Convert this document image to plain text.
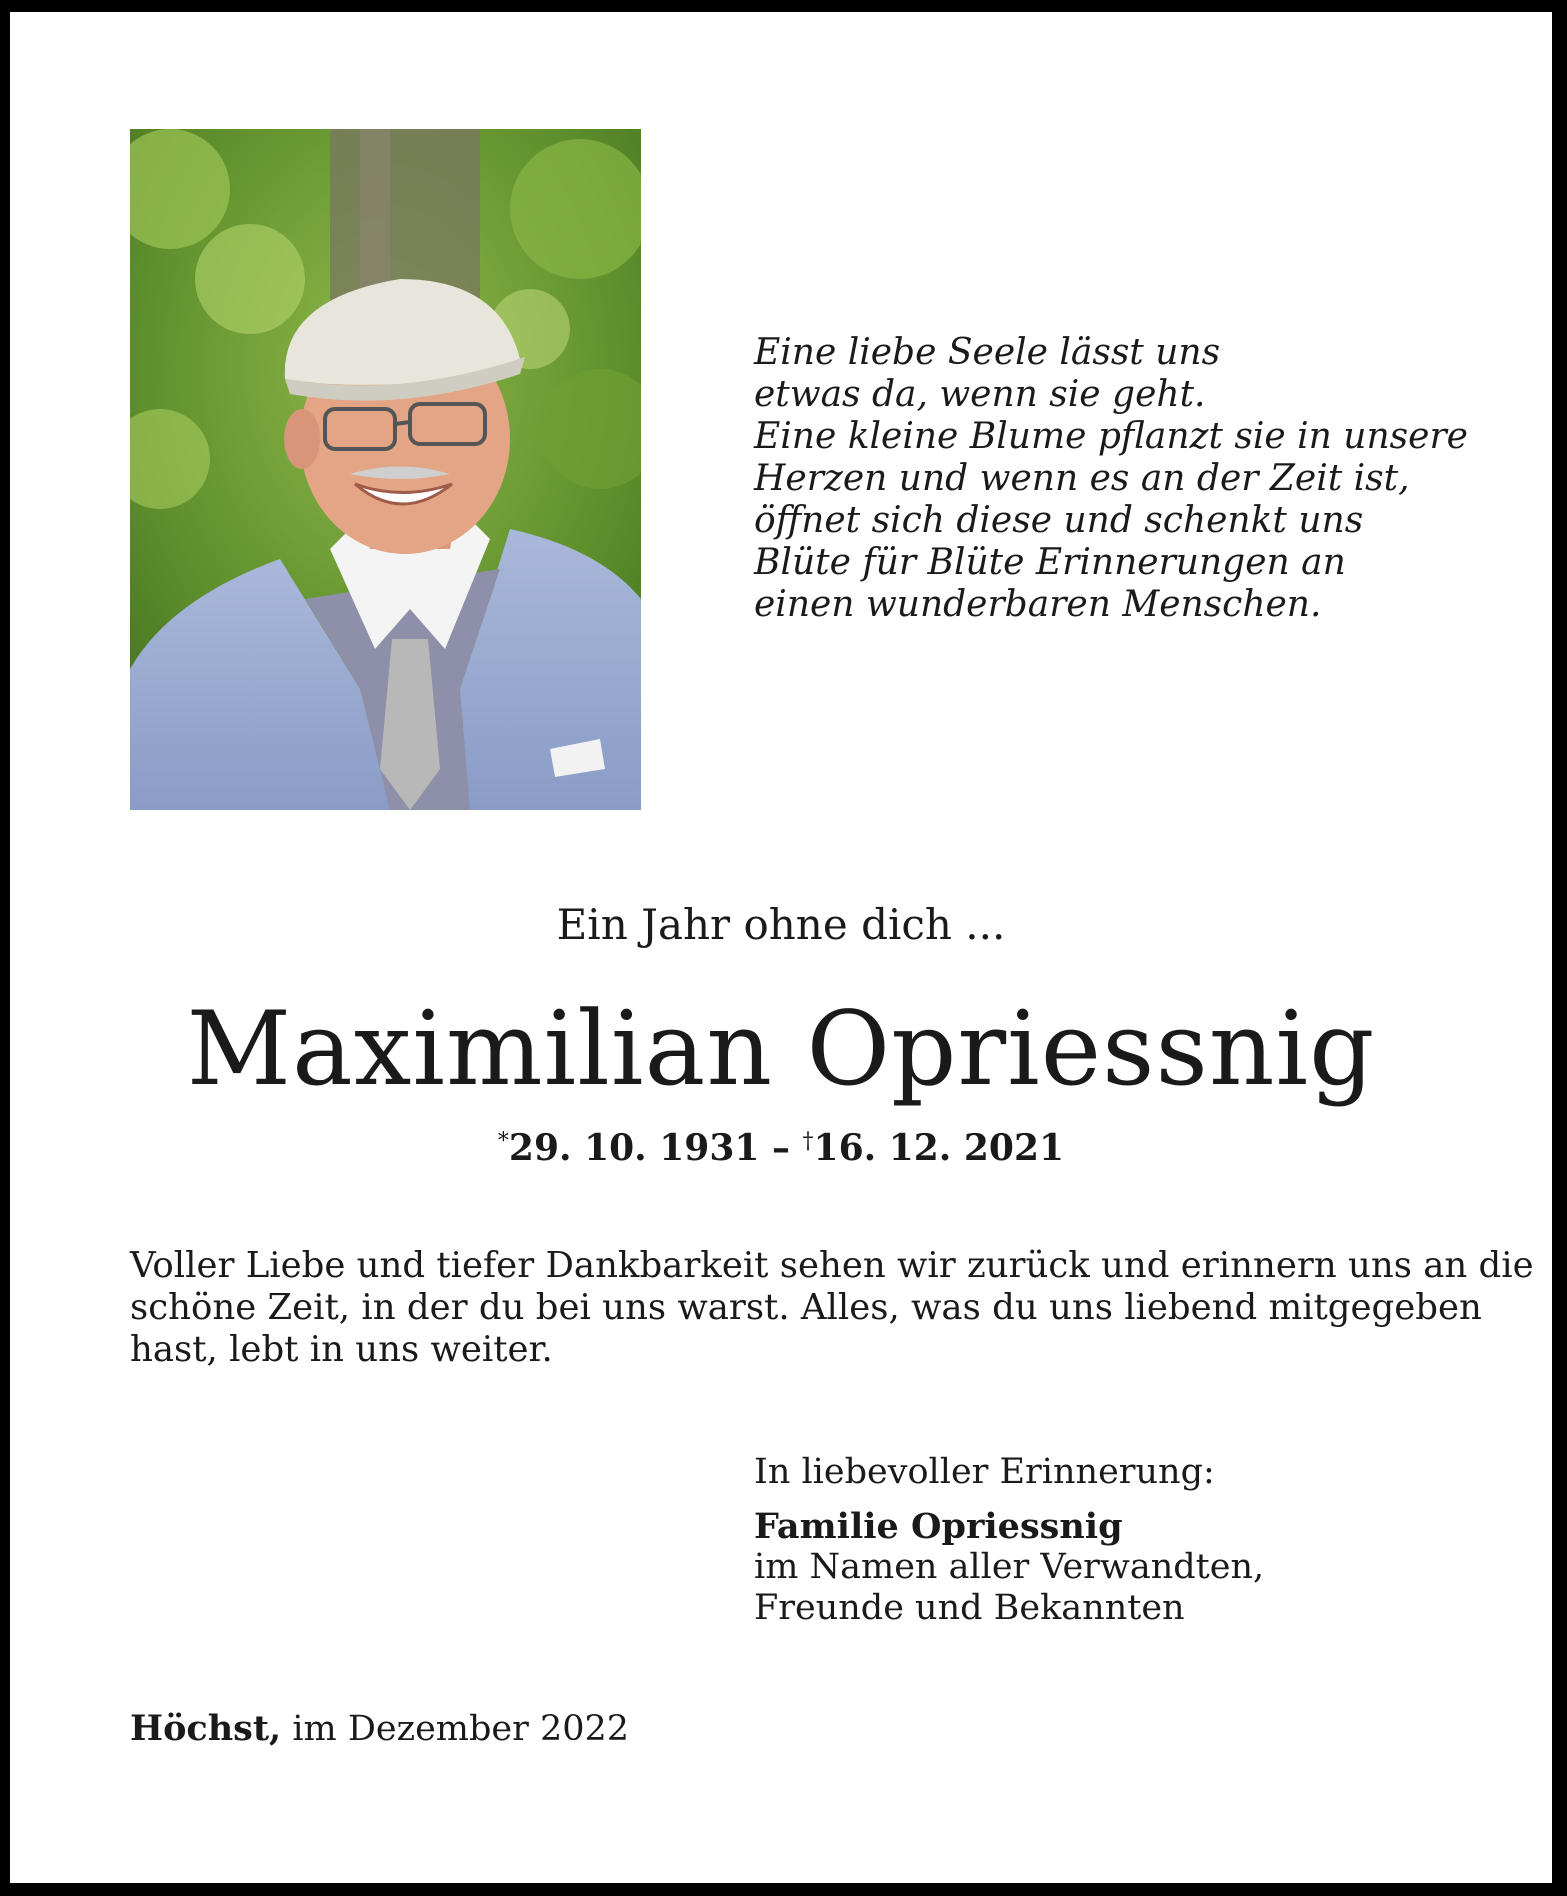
Eine liebe Seele lässt uns
etwas da, wenn sie geht.
Eine kleine Blume pflanzt sie in unsere
Herzen und wenn es an der Zeit ist,
öffnet sich diese und schenkt uns
Blüte für Blüte Erinnerungen an
einen wunderbaren Menschen.
Ein Jahr ohne dich ...
Maximilian Opriessnig
*29. 10. 1931 – †16. 12. 2021
Voller Liebe und tiefer Dankbarkeit sehen wir zurück und erinnern uns an die
schöne Zeit, in der du bei uns warst. Alles, was du uns liebend mitgegeben
hast, lebt in uns weiter.
In liebevoller Erinnerung:
Familie Opriessnig
im Namen aller Verwandten,
Freunde und Bekannten
Höchst, im Dezember 2022
